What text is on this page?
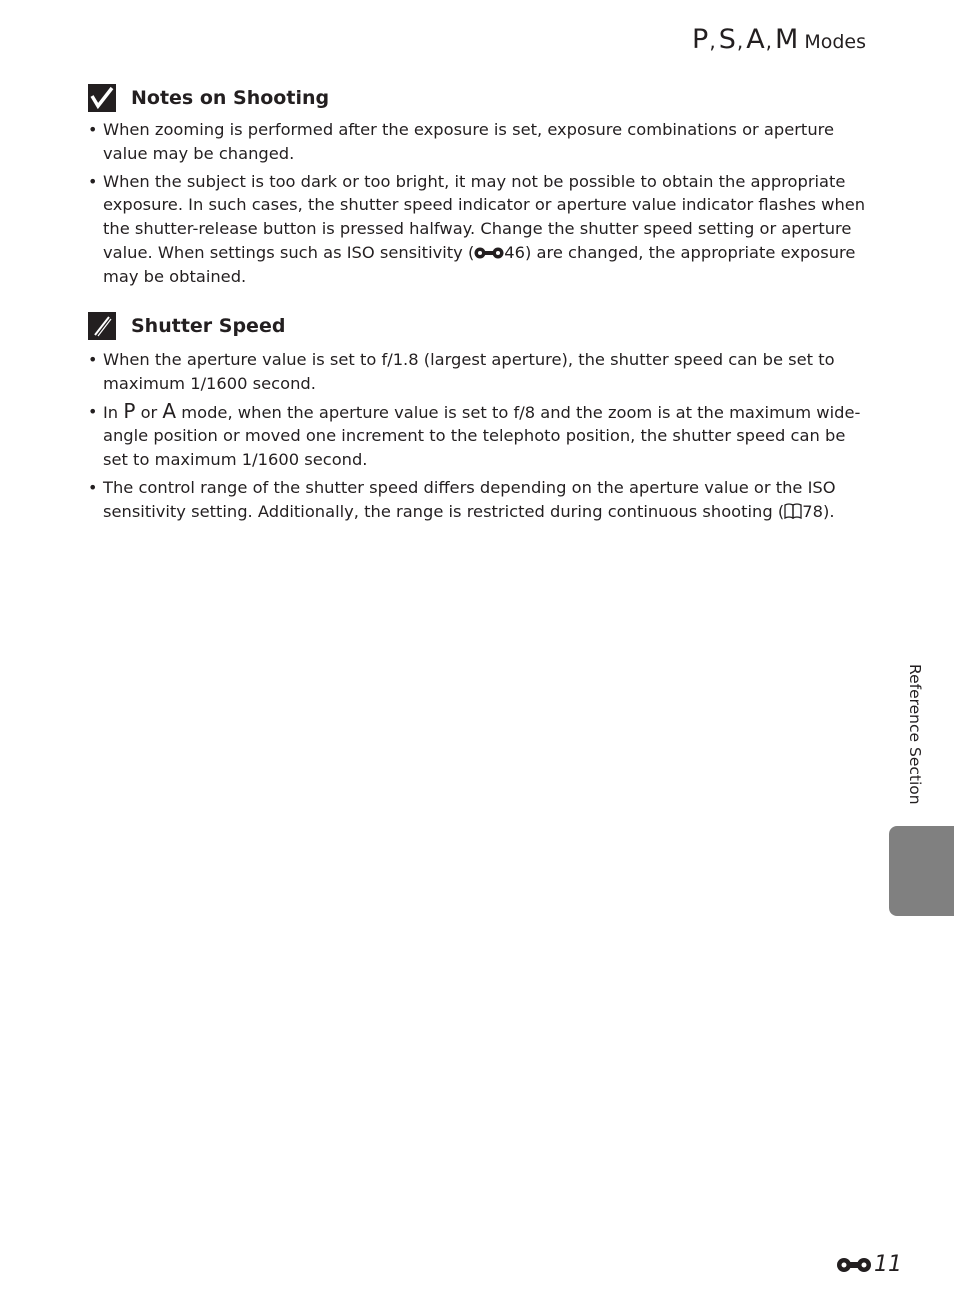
P, S, A, M Modes
Notes on Shooting
• When zooming is performed after the exposure is set, exposure combinations or aperture value may be changed.
• When the subject is too dark or too bright, it may not be possible to obtain the appropriate exposure. In such cases, the shutter speed indicator or aperture value indicator flashes when the shutter-release button is pressed halfway. Change the shutter speed setting or aperture value. When settings such as ISO sensitivity ( 46) are changed, the appropriate exposure may be obtained.
Shutter Speed
• When the aperture value is set to f/1.8 (largest aperture), the shutter speed can be set to maximum 1/1600 second.
• In P or A mode, when the aperture value is set to f/8 and the zoom is at the maximum wide-angle position or moved one increment to the telephoto position, the shutter speed can be set to maximum 1/1600 second.
• The control range of the shutter speed differs depending on the aperture value or the ISO sensitivity setting. Additionally, the range is restricted during continuous shooting ( 78).
Reference Section
11
